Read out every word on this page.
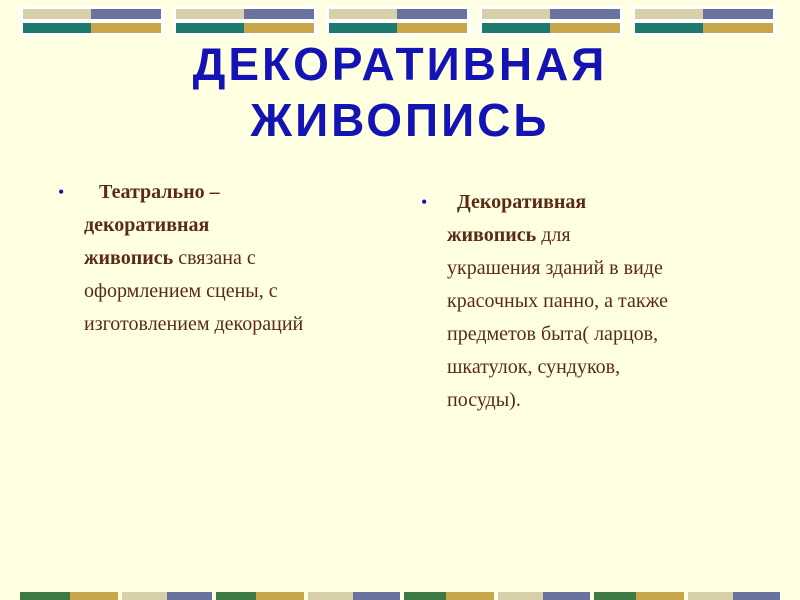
ДЕКОРАТИВНАЯ
ЖИВОПИСЬ
• Театрально –
декоративная
живопись связана с
оформлением сцены, с
изготовлением декораций
• Декоративная
живопись для
украшения зданий в виде
красочных панно, а также
предметов быта( ларцов,
шкатулок, сундуков,
посуды).
